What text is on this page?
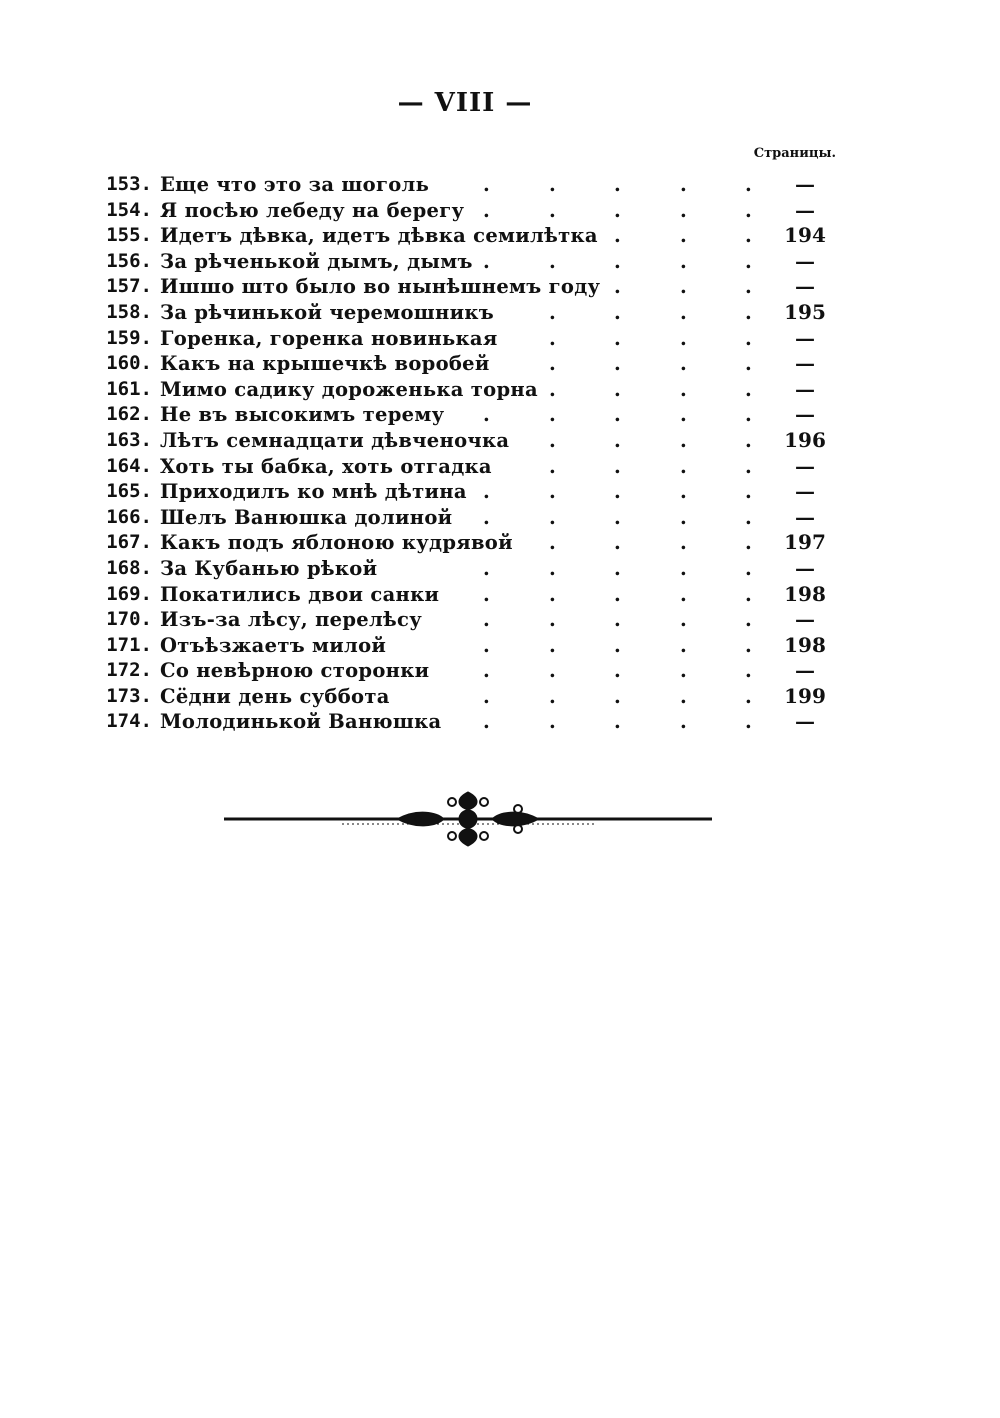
— VIII —
Страницы.
153. Еще что это за шоголь	.	.	.	.	.	—
154. Я посѣю лебеду на берегу .	.	.	.	.	—
155. Идетъ дѣвка, идетъ дѣвка семилѣтка .	.	.	194
156. За рѣченькой дымъ, дымъ .	.	.	.	.	—
157. Ишшо што было во нынѣшнемъ году .	.	.	—
158. За рѣчинькой черемошникъ	.	.	.	.	195
159. Горенка, горенка новинькая	.	.	.	.	—
160. Какъ на крышечкѣ воробей	.	.	.	.	—
161. Мимо садику дороженька торна .	.	.	.	—
162. Не въ высокимъ терему .	.	.	.	.	—
163. Лѣтъ семнадцати дѣвченочка .	.	.	.	196
164. Хоть ты бабка, хоть отгадка	.	.	.	.	—
165. Приходилъ ко мнѣ дѣтина .	.	.	.	.	—
166. Шелъ Ванюшка долиной .	.	.	.	.	—
167. Какъ подъ яблоною кудрявой .	.	.	.	197
168. За Кубанью рѣкой	.	.	.	.	.	—
169. Покатились двои санки .	.	.	.	.	198
170. Изъ-за лѣсу, перелѣсу	.	.	.	.	.	—
171. Отъѣзжаетъ милой	.	.	.	.	.	198
172. Со невѣрною сторонки	.	.	.	.	.	—
173. Сёдни день суббота	.	.	.	.	.	199
174. Молодинькой Ванюшка .	.	.	.	.	—
